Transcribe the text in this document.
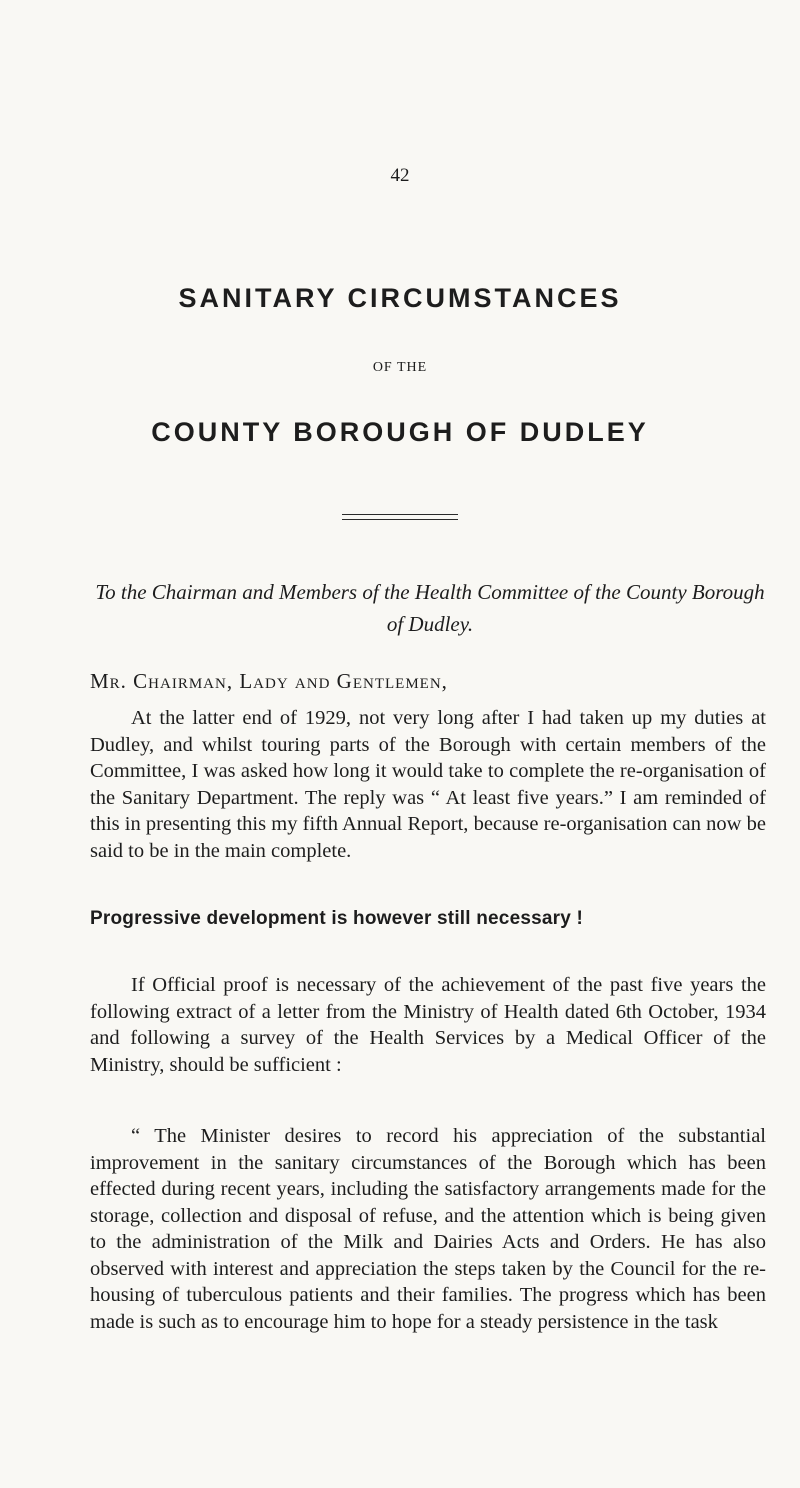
42
SANITARY CIRCUMSTANCES
OF THE
COUNTY BOROUGH OF DUDLEY
To the Chairman and Members of the Health Committee of the County Borough of Dudley.
Mr. Chairman, Lady and Gentlemen,
At the latter end of 1929, not very long after I had taken up my duties at Dudley, and whilst touring parts of the Borough with certain members of the Committee, I was asked how long it would take to complete the re-organisation of the Sanitary Department. The reply was “ At least five years.” I am reminded of this in presenting this my fifth Annual Report, because re-organisation can now be said to be in the main complete.
Progressive development is however still necessary !
If Official proof is necessary of the achievement of the past five years the following extract of a letter from the Ministry of Health dated 6th October, 1934 and following a survey of the Health Services by a Medical Officer of the Ministry, should be sufficient :
“ The Minister desires to record his appreciation of the substantial improvement in the sanitary circumstances of the Borough which has been effected during recent years, including the satisfactory arrangements made for the storage, collection and disposal of refuse, and the attention which is being given to the administration of the Milk and Dairies Acts and Orders. He has also observed with interest and appreciation the steps taken by the Council for the re-housing of tuberculous patients and their families. The progress which has been made is such as to encourage him to hope for a steady persistence in the task
